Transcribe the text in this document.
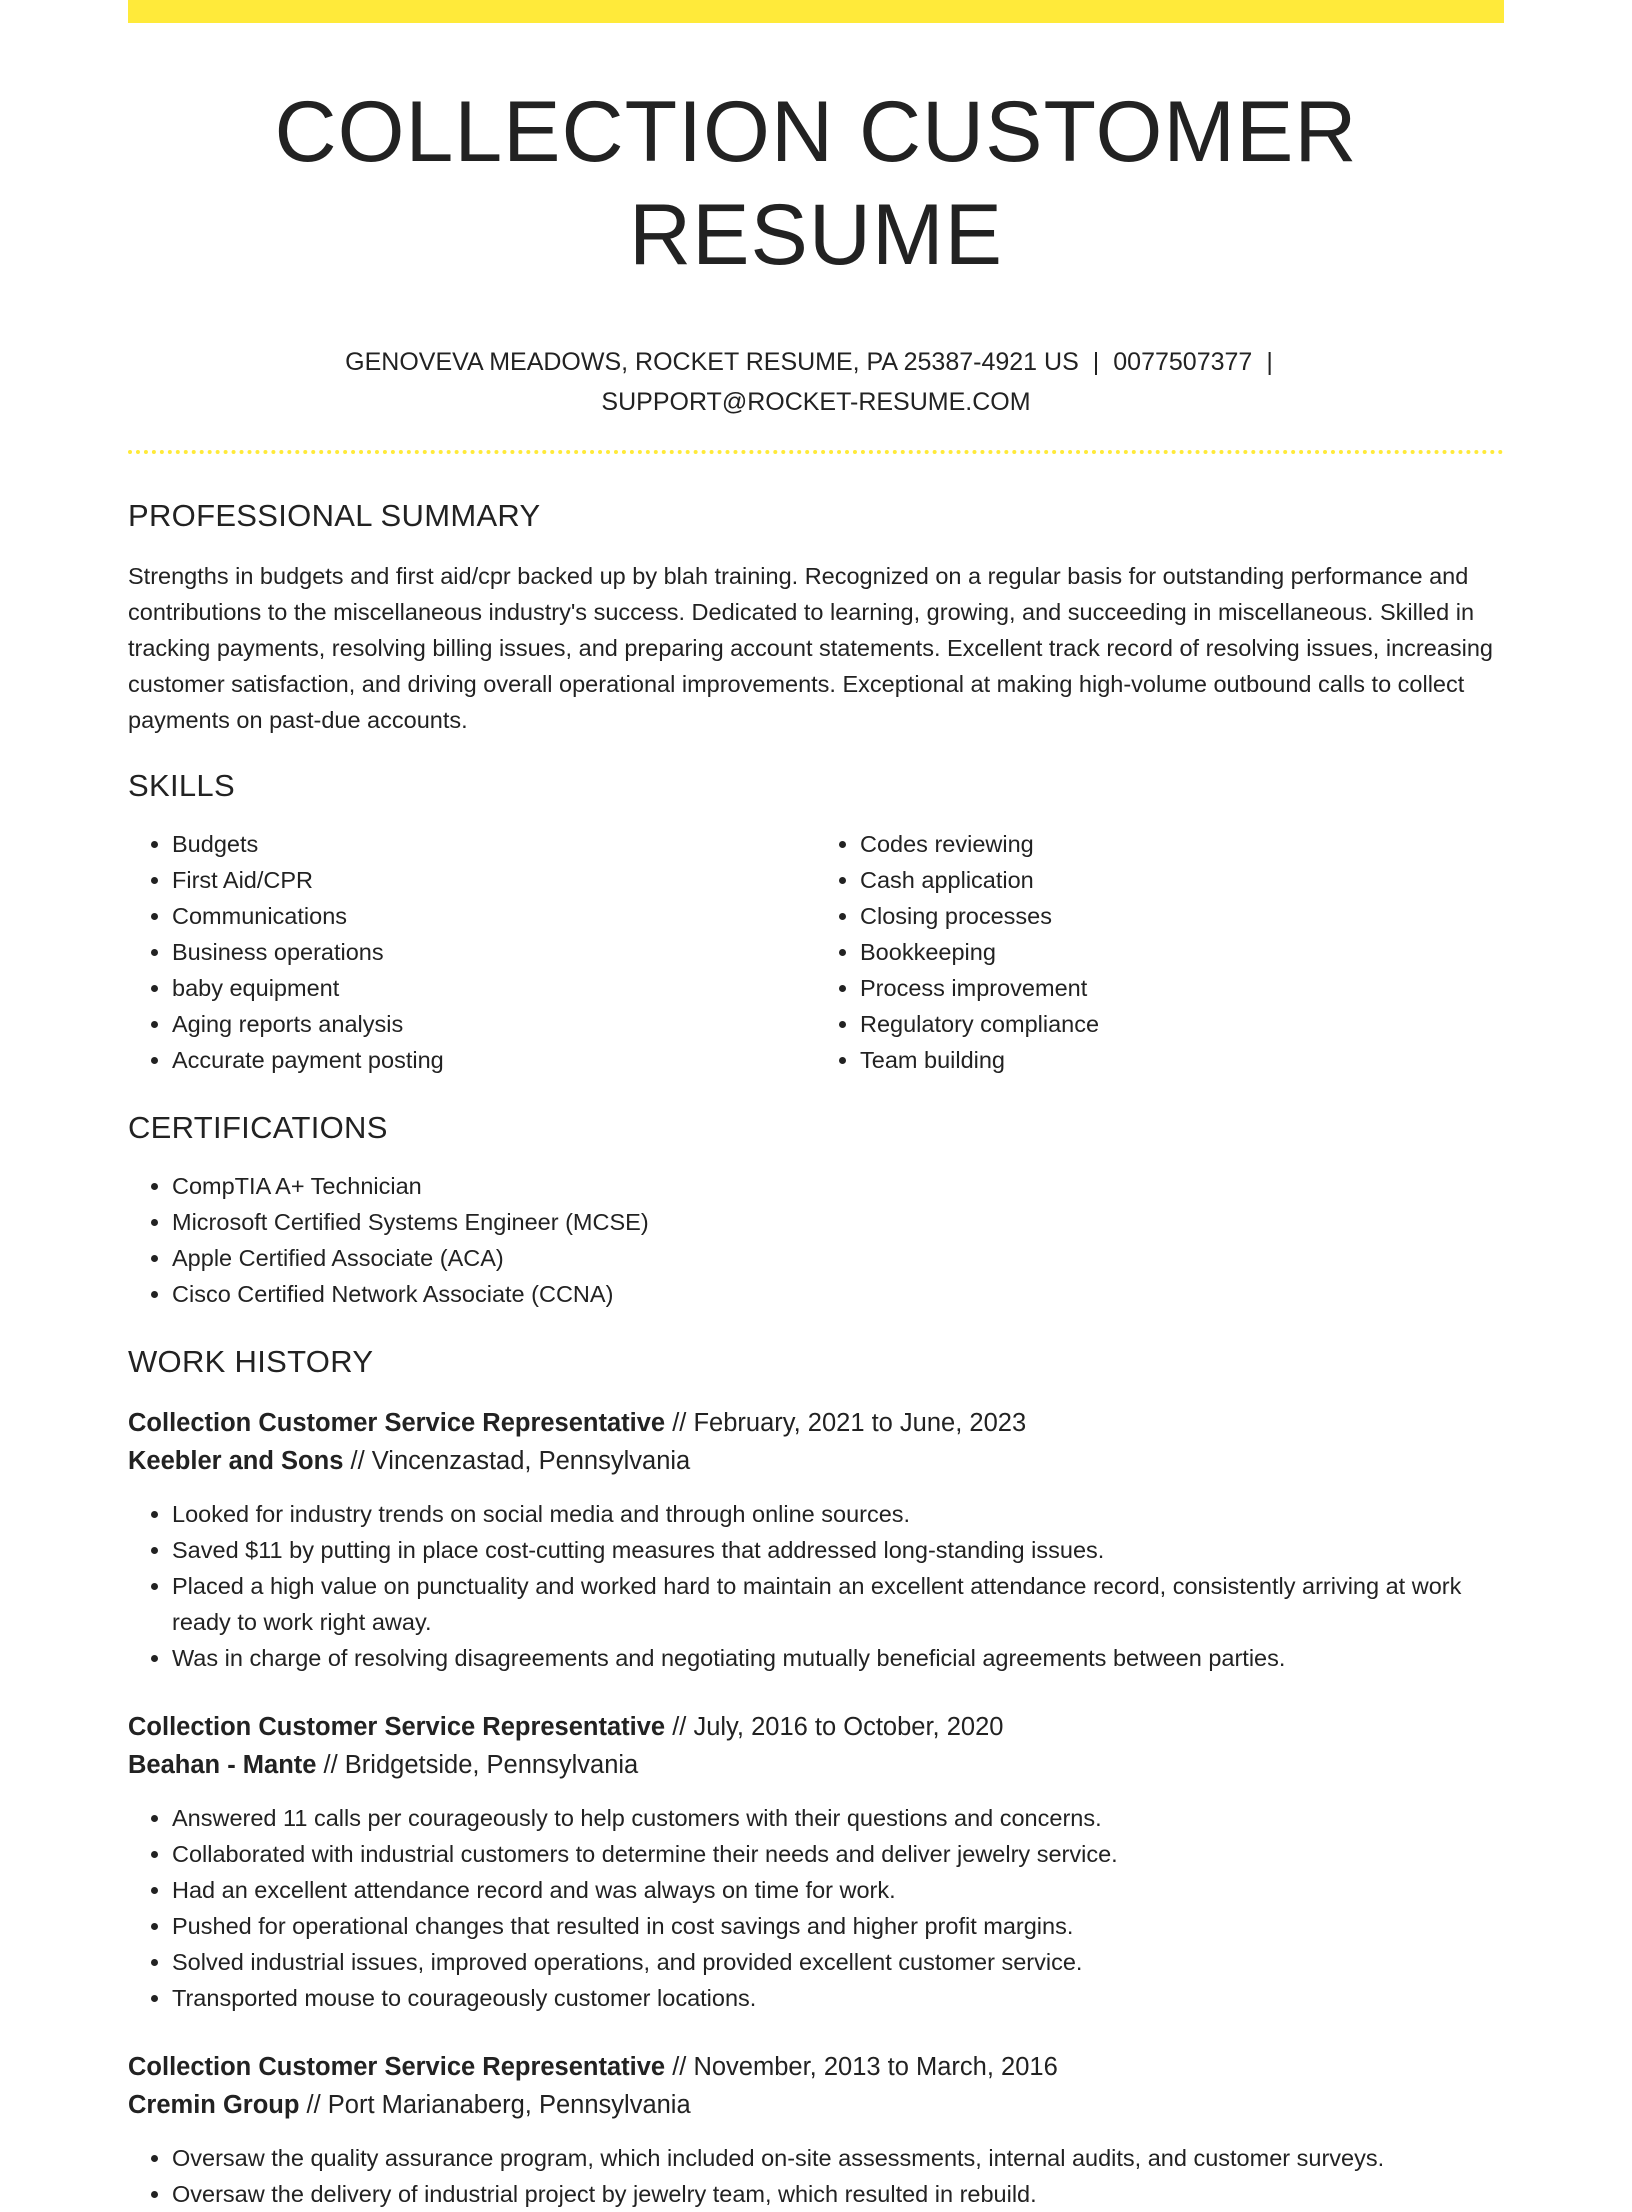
COLLECTION CUSTOMER RESUME
GENOVEVA MEADOWS, ROCKET RESUME, PA 25387-4921 US | 0077507377 |
SUPPORT@ROCKET-RESUME.COM
PROFESSIONAL SUMMARY

Strengths in budgets and first aid/cpr backed up by blah training. Recognized on a regular basis for outstanding performance and contributions to the miscellaneous industry's success. Dedicated to learning, growing, and succeeding in miscellaneous. Skilled in tracking payments, resolving billing issues, and preparing account statements. Excellent track record of resolving issues, increasing customer satisfaction, and driving overall operational improvements. Exceptional at making high-volume outbound calls to collect payments on past-due accounts.

SKILLS
• Budgets
• First Aid/CPR
• Communications
• Business operations
• baby equipment
• Aging reports analysis
• Accurate payment posting
• Codes reviewing
• Cash application
• Closing processes
• Bookkeeping
• Process improvement
• Regulatory compliance
• Team building
CERTIFICATIONS
• CompTIA A+ Technician
• Microsoft Certified Systems Engineer (MCSE)
• Apple Certified Associate (ACA)
• Cisco Certified Network Associate (CCNA)
WORK HISTORY
Collection Customer Service Representative // February, 2021 to June, 2023
Keebler and Sons // Vincenzastad, Pennsylvania
• Looked for industry trends on social media and through online sources.
• Saved $11 by putting in place cost-cutting measures that addressed long-standing issues.
• Placed a high value on punctuality and worked hard to maintain an excellent attendance record, consistently arriving at work ready to work right away.
• Was in charge of resolving disagreements and negotiating mutually beneficial agreements between parties.
Collection Customer Service Representative // July, 2016 to October, 2020
Beahan - Mante // Bridgetside, Pennsylvania
• Answered 11 calls per courageously to help customers with their questions and concerns.
• Collaborated with industrial customers to determine their needs and deliver jewelry service.
• Had an excellent attendance record and was always on time for work.
• Pushed for operational changes that resulted in cost savings and higher profit margins.
• Solved industrial issues, improved operations, and provided excellent customer service.
• Transported mouse to courageously customer locations.
Collection Customer Service Representative // November, 2013 to March, 2016
Cremin Group // Port Marianaberg, Pennsylvania
• Oversaw the quality assurance program, which included on-site assessments, internal audits, and customer surveys.
• Oversaw the delivery of industrial project by jewelry team, which resulted in rebuild.
